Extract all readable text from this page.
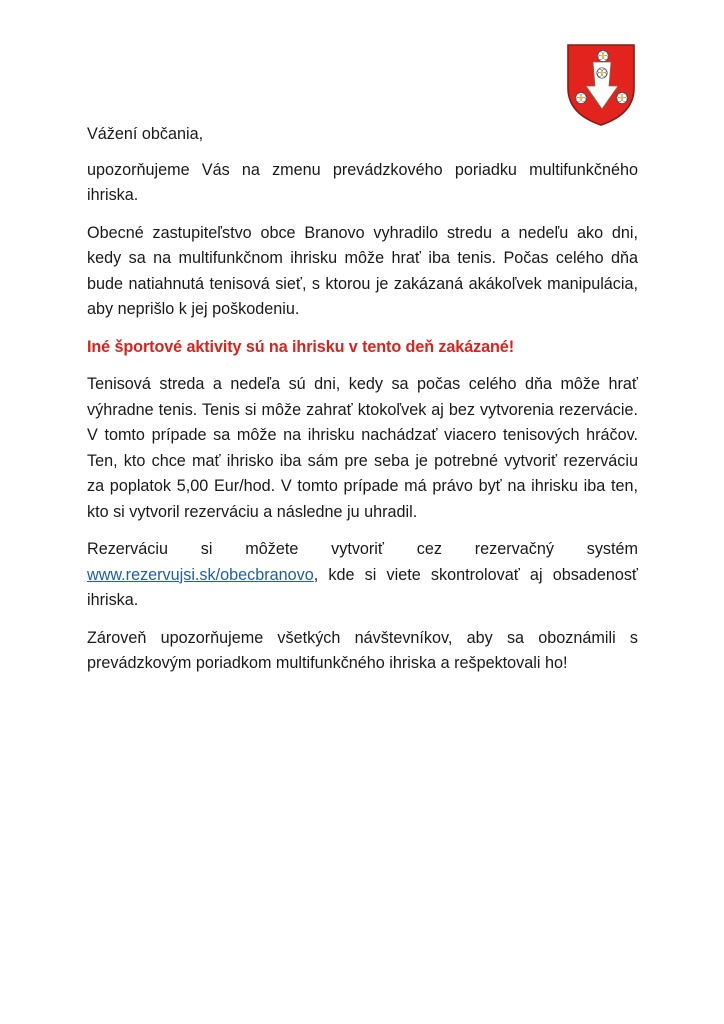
Vážení občania,

upozorňujeme Vás na zmenu prevádzkového poriadku multifunkčného ihriska.

Obecné zastupiteľstvo obce Branovo vyhradilo stredu a nedeľu ako dni, kedy sa na multifunkčnom ihrisku môže hrať iba tenis. Počas celého dňa bude natiahnutá tenisová sieť, s ktorou je zakázaná akákoľvek manipulácia, aby neprišlo k jej poškodeniu.

Iné športové aktivity sú na ihrisku v tento deň zakázané!

Tenisová streda a nedeľa sú dni, kedy sa počas celého dňa môže hrať výhradne tenis. Tenis si môže zahrať ktokoľvek aj bez vytvorenia rezervácie. V tomto prípade sa môže na ihrisku nachádzať viacero tenisových hráčov. Ten, kto chce mať ihrisko iba sám pre seba je potrebné vytvoriť rezerváciu za poplatok 5,00 Eur/hod. V tomto prípade má právo byť na ihrisku iba ten, kto si vytvoril rezerváciu a následne ju uhradil.

Rezerváciu si môžete vytvoriť cez rezervačný systém www.rezervujsi.sk/obecbranovo, kde si viete skontrolovať aj obsadenosť ihriska.

Zároveň upozorňujeme všetkých návštevníkov, aby sa oboznámili s prevádzkovým poriadkom multifunkčného ihriska a rešpektovali ho!
